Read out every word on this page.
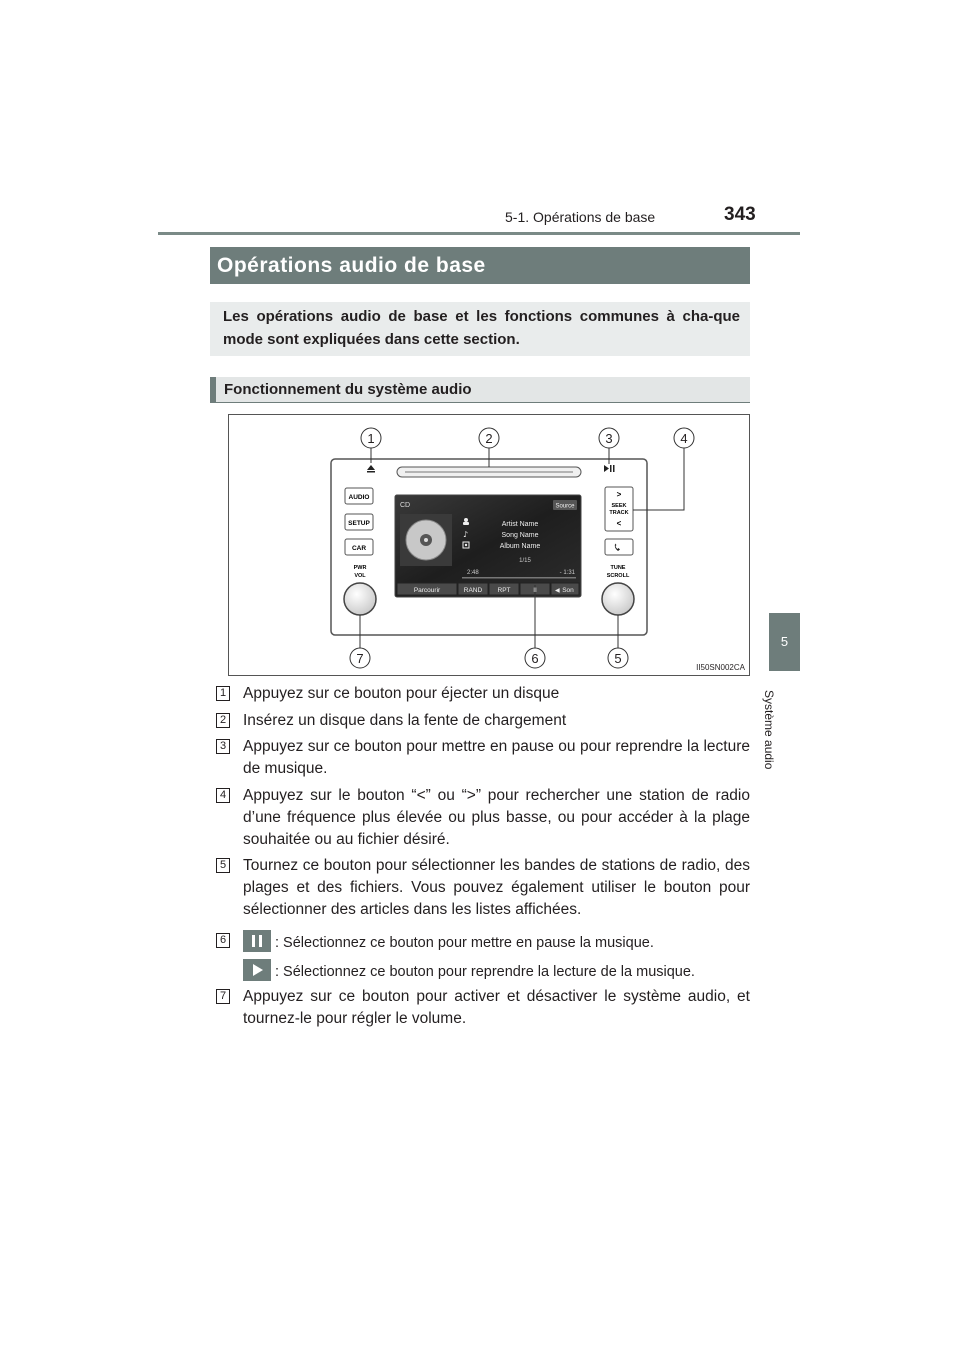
5-1. Opérations de base	343
5
Système audio
Opérations audio de base
Les opérations audio de base et les fonctions communes à cha-que mode sont expliquées dans cette section.
Fonctionnement du système audio
AUDIO
SETUP
CAR
PWR
VOL
>
SEEK
TRACK
<
TUNE
SCROLL
CD	Source
Artist Name
♪	Song Name
Album Name
1/15
2:48	- 1:31
Parcourir	RAND RPT	II	Son
◀
1	2	3	4
7	6	5
II50SN002CA
1 Appuyez sur ce bouton pour éjecter un disque
2 Insérez un disque dans la fente de chargement
3 Appuyez sur ce bouton pour mettre en pause ou pour reprendre la lecture de musique.
4 Appuyez sur le bouton “<” ou “>” pour rechercher une station de radio d’une fréquence plus élevée ou plus basse, ou pour accéder à la plage souhaitée ou au fichier désiré.
5 Tournez ce bouton pour sélectionner les bandes de stations de radio, des plages et des fichiers. Vous pouvez également utiliser le bouton pour sélectionner des articles dans les listes affichées.
6	: Sélectionnez ce bouton pour mettre en pause la musique.
: Sélectionnez ce bouton pour reprendre la lecture de la musique.
7 Appuyez sur ce bouton pour activer et désactiver le système audio, et tournez-le pour régler le volume.
